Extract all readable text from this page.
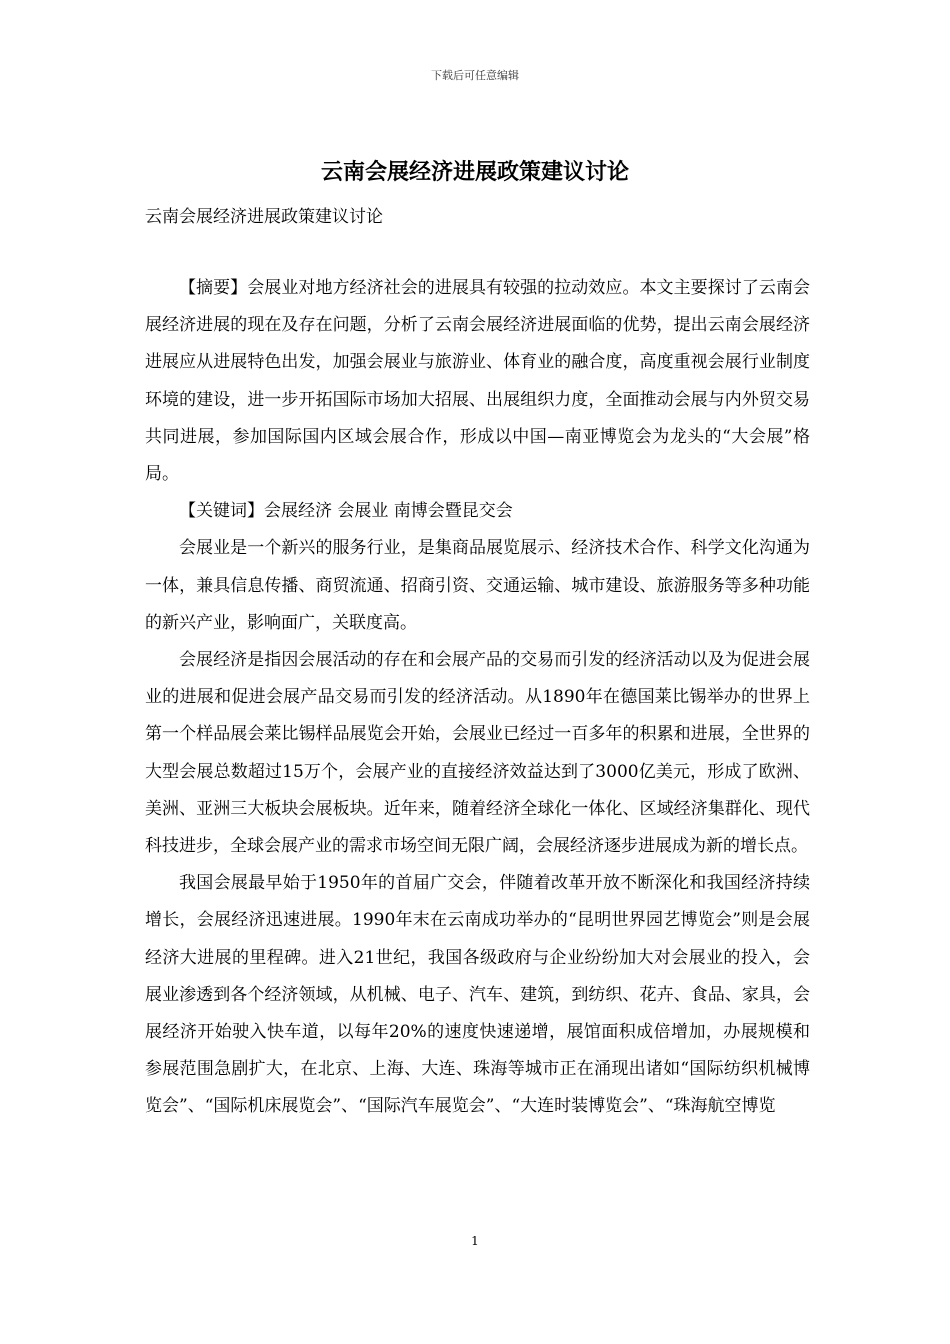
下载后可任意编辑
云南会展经济进展政策建议讨论

云南会展经济进展政策建议讨论

【摘要】会展业对地方经济社会的进展具有较强的拉动效应。本文主要探讨了云南会展经济进展的现在及存在问题，分析了云南会展经济进展面临的优势，提出云南会展经济进展应从进展特色出发，加强会展业与旅游业、体育业的融合度，高度重视会展行业制度环境的建设，进一步开拓国际市场加大招展、出展组织力度，全面推动会展与内外贸交易共同进展，参加国际国内区域会展合作，形成以中国—南亚博览会为龙头的“大会展”格局。

【关键词】会展经济 会展业 南博会暨昆交会

会展业是一个新兴的服务行业，是集商品展览展示、经济技术合作、科学文化沟通为一体，兼具信息传播、商贸流通、招商引资、交通运输、城市建设、旅游服务等多种功能的新兴产业，影响面广，关联度高。

会展经济是指因会展活动的存在和会展产品的交易而引发的经济活动以及为促进会展业的进展和促进会展产品交易而引发的经济活动。从1890年在德国莱比锡举办的世界上第一个样品展会莱比锡样品展览会开始，会展业已经过一百多年的积累和进展，全世界的大型会展总数超过15万个，会展产业的直接经济效益达到了3000亿美元，形成了欧洲、美洲、亚洲三大板块会展板块。近年来，随着经济全球化一体化、区域经济集群化、现代科技进步，全球会展产业的需求市场空间无限广阔，会展经济逐步进展成为新的增长点。

我国会展最早始于1950年的首届广交会，伴随着改革开放不断深化和我国经济持续增长，会展经济迅速进展。1990年末在云南成功举办的“昆明世界园艺博览会”则是会展经济大进展的里程碑。进入21世纪，我国各级政府与企业纷纷加大对会展业的投入，会展业渗透到各个经济领域，从机械、电子、汽车、建筑，到纺织、花卉、食品、家具，会展经济开始驶入快车道，以每年20%的速度快速递增，展馆面积成倍增加，办展规模和参展范围急剧扩大，在北京、上海、大连、珠海等城市正在涌现出诸如“国际纺织机械博览会”、“国际机床展览会”、“国际汽车展览会”、“大连时装博览会”、“珠海航空博览

1
